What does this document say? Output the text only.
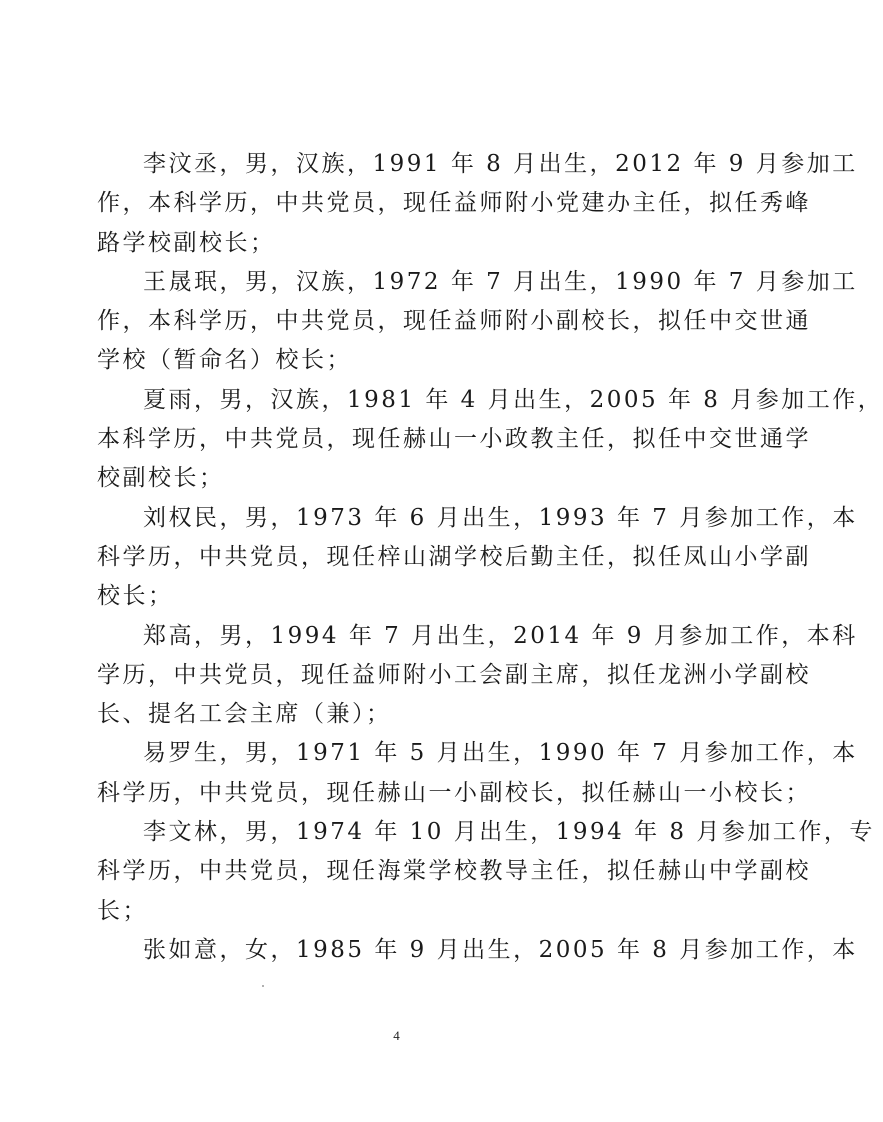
李汶丞，男，汉族，1991 年 8 月出生，2012 年 9 月参加工
作，本科学历，中共党员，现任益师附小党建办主任，拟任秀峰
路学校副校长；

王晟珉，男，汉族，1972 年 7 月出生，1990 年 7 月参加工
作，本科学历，中共党员，现任益师附小副校长，拟任中交世通
学校（暂命名）校长；

夏雨，男，汉族，1981 年 4 月出生，2005 年 8 月参加工作，
本科学历，中共党员，现任赫山一小政教主任，拟任中交世通学
校副校长；

刘权民，男，1973 年 6 月出生，1993 年 7 月参加工作，本
科学历，中共党员，现任梓山湖学校后勤主任，拟任凤山小学副
校长；

郑高，男，1994 年 7 月出生，2014 年 9 月参加工作，本科
学历，中共党员，现任益师附小工会副主席，拟任龙洲小学副校
长、提名工会主席（兼）；

易罗生，男，1971 年 5 月出生，1990 年 7 月参加工作，本
科学历，中共党员，现任赫山一小副校长，拟任赫山一小校长；

李文林，男，1974 年 10 月出生，1994 年 8 月参加工作，专
科学历，中共党员，现任海棠学校教导主任，拟任赫山中学副校
长；

张如意，女，1985 年 9 月出生，2005 年 8 月参加工作，本

4
